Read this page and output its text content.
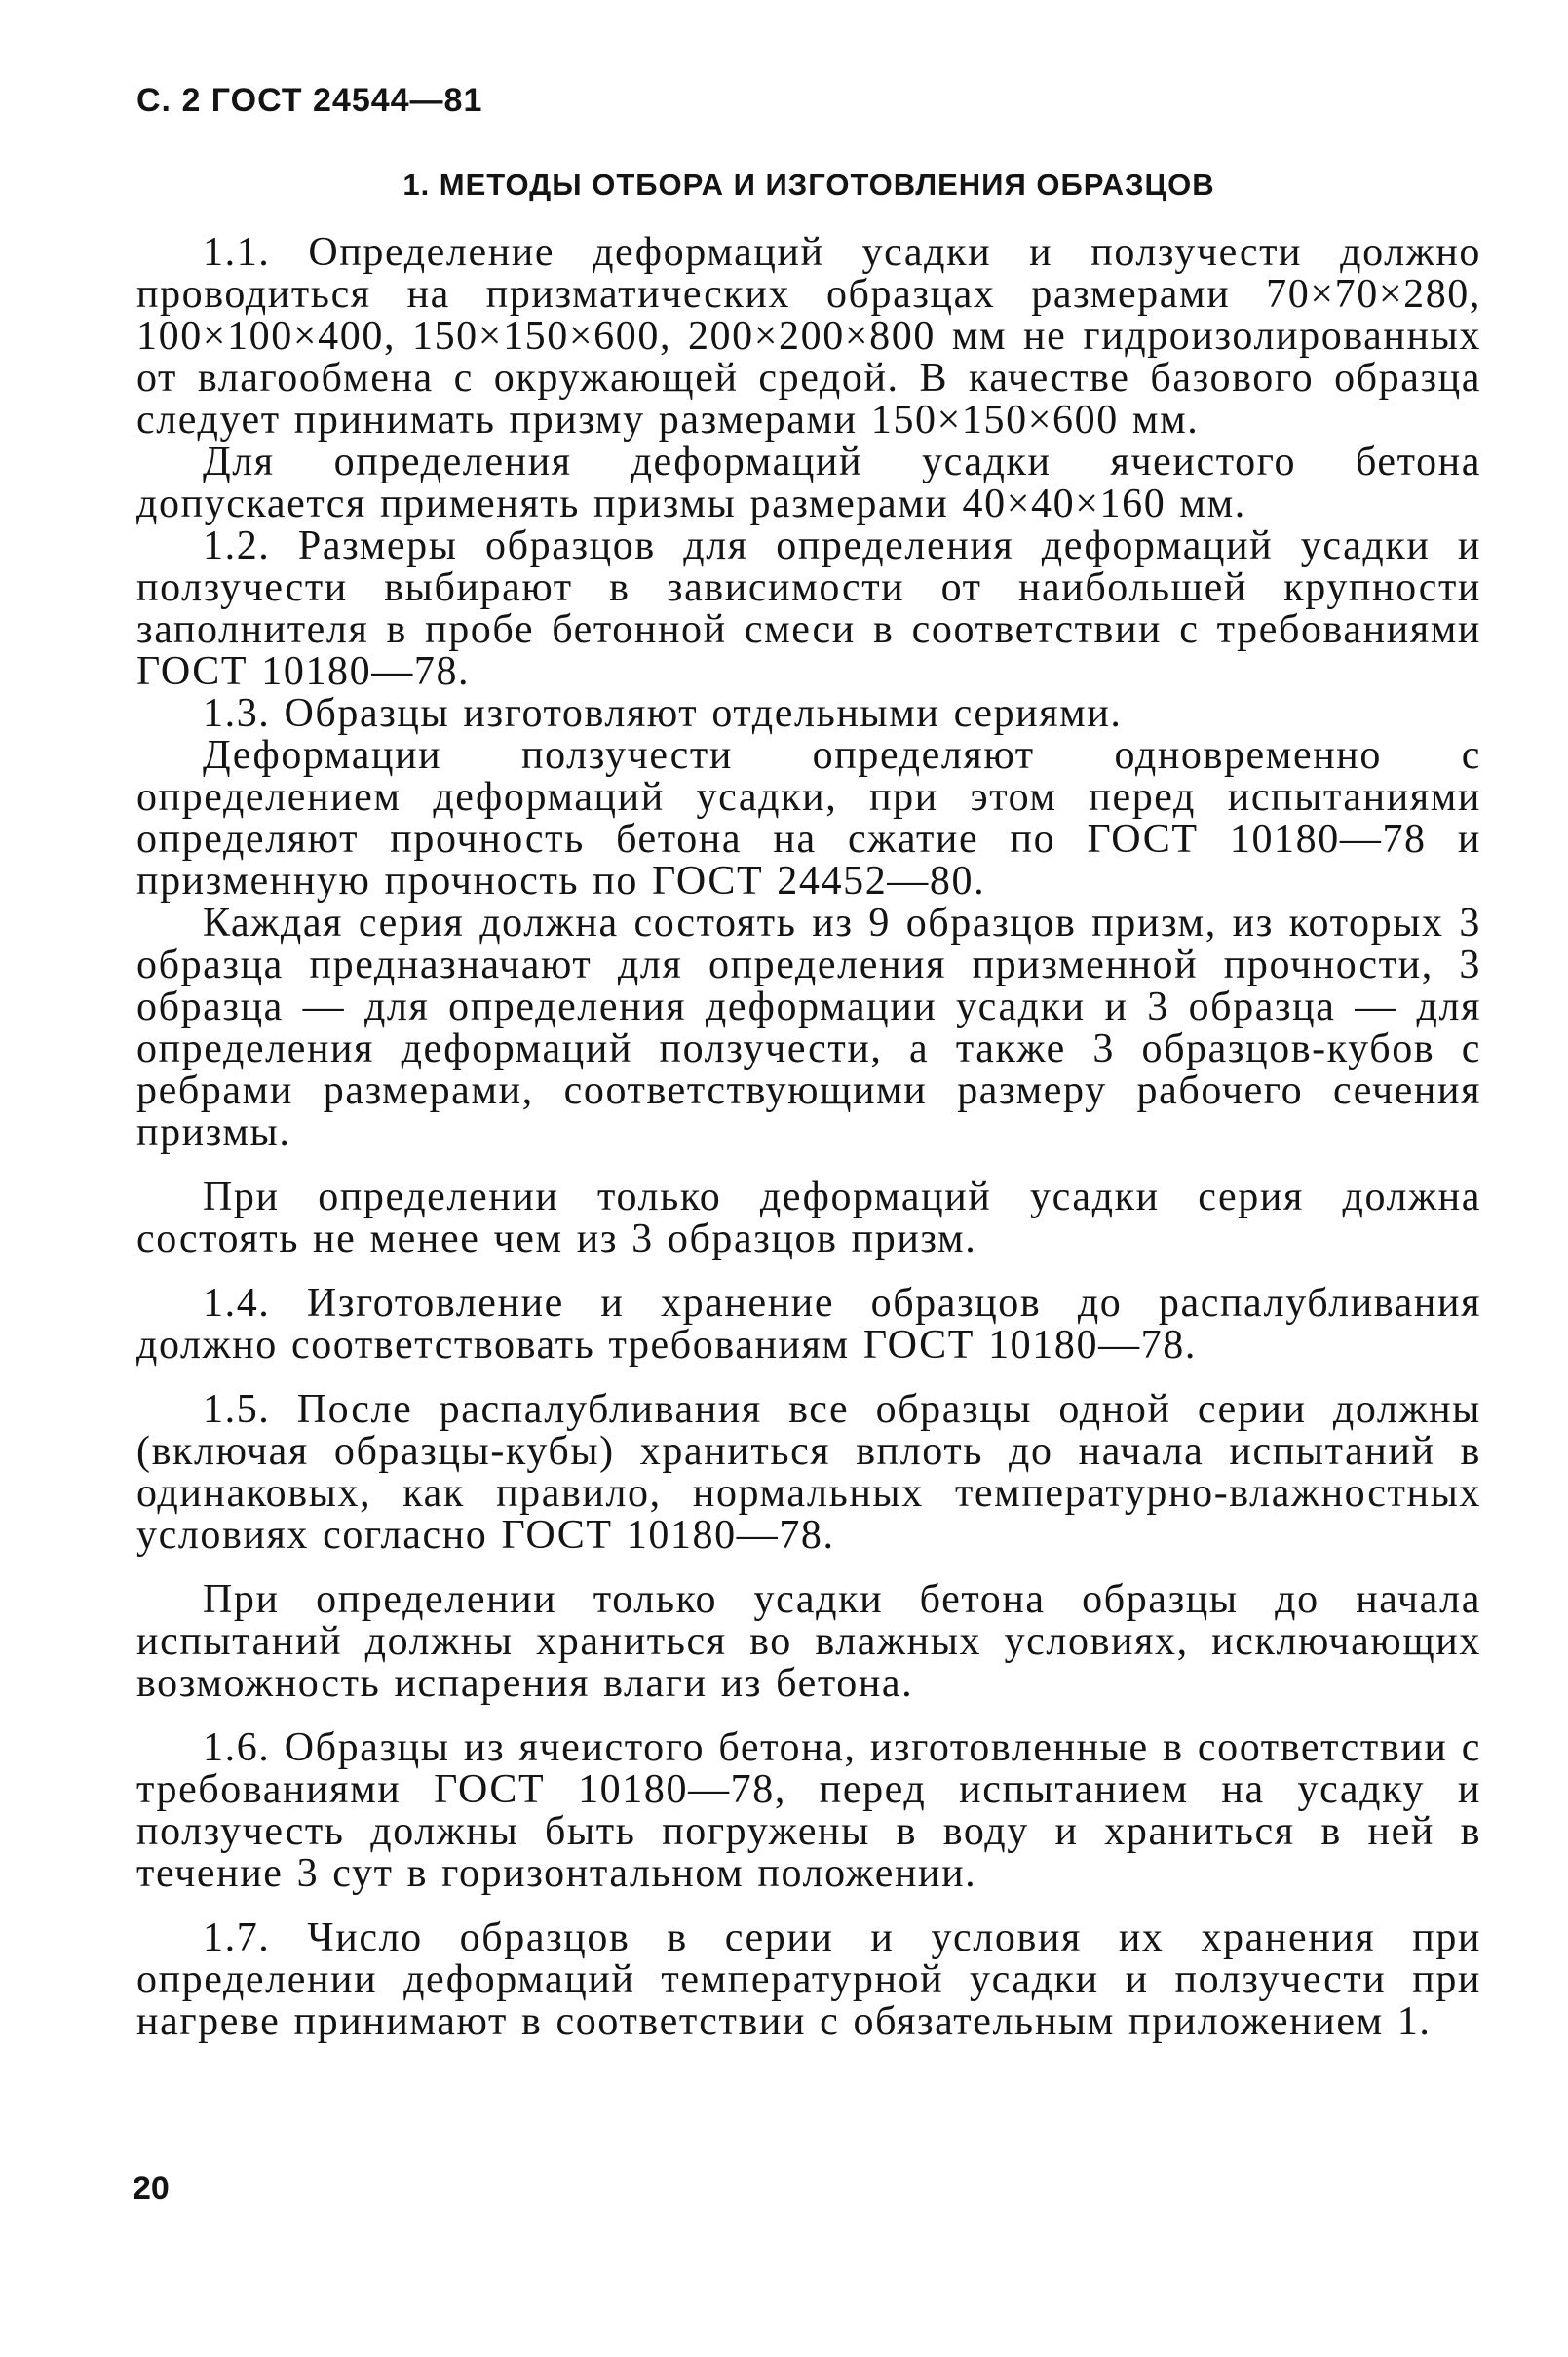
С. 2 ГОСТ 24544—81
1. МЕТОДЫ ОТБОРА И ИЗГОТОВЛЕНИЯ ОБРАЗЦОВ

1.1. Определение деформаций усадки и ползучести должно проводиться на призматических образцах размерами 70×70×280, 100×100×400, 150×150×600, 200×200×800 мм не гидроизолированных от влагообмена с окружающей средой. В качестве базового образца следует принимать призму размерами 150×150×600 мм.

Для определения деформаций усадки ячеистого бетона допускается применять призмы размерами 40×40×160 мм.

1.2. Размеры образцов для определения деформаций усадки и ползучести выбирают в зависимости от наибольшей крупности заполнителя в пробе бетонной смеси в соответствии с требованиями ГОСТ 10180—78.

1.3. Образцы изготовляют отдельными сериями.

Деформации ползучести определяют одновременно с определением деформаций усадки, при этом перед испытаниями определяют прочность бетона на сжатие по ГОСТ 10180—78 и призменную прочность по ГОСТ 24452—80.

Каждая серия должна состоять из 9 образцов призм, из которых 3 образца предназначают для определения призменной прочности, 3 образца — для определения деформации усадки и 3 образца — для определения деформаций ползучести, а также 3 образцов-кубов с ребрами размерами, соответствующими размеру рабочего сечения призмы.

При определении только деформаций усадки серия должна состоять не менее чем из 3 образцов призм.

1.4. Изготовление и хранение образцов до распалубливания должно соответствовать требованиям ГОСТ 10180—78.

1.5. После распалубливания все образцы одной серии должны (включая образцы-кубы) храниться вплоть до начала испытаний в одинаковых, как правило, нормальных температурно-влажностных условиях согласно ГОСТ 10180—78.

При определении только усадки бетона образцы до начала испытаний должны храниться во влажных условиях, исключающих возможность испарения влаги из бетона.

1.6. Образцы из ячеистого бетона, изготовленные в соответствии с требованиями ГОСТ 10180—78, перед испытанием на усадку и ползучесть должны быть погружены в воду и храниться в ней в течение 3 сут в горизонтальном положении.

1.7. Число образцов в серии и условия их хранения при определении деформаций температурной усадки и ползучести при нагреве принимают в соответствии с обязательным приложением 1.

20
